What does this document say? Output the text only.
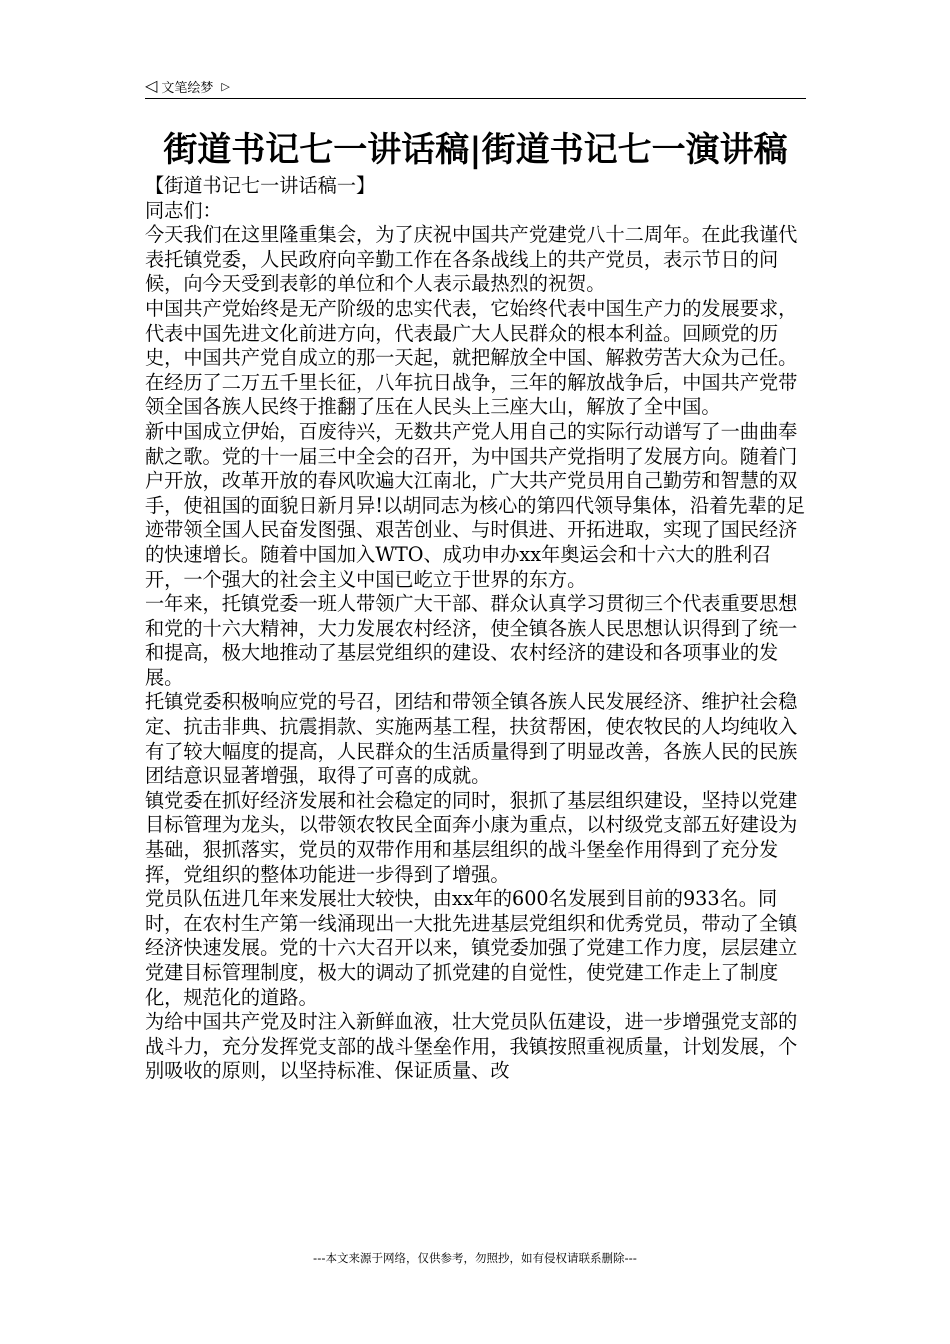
◁ 文笔绘梦 ▷
街道书记七一讲话稿|街道书记七一演讲稿

【街道书记七一讲话稿一】

同志们：

今天我们在这里隆重集会，为了庆祝中国共产党建党八十二周年。在此我谨代表托镇党委，人民政府向辛勤工作在各条战线上的共产党员，表示节日的问候，向今天受到表彰的单位和个人表示最热烈的祝贺。

中国共产党始终是无产阶级的忠实代表，它始终代表中国生产力的发展要求，代表中国先进文化前进方向，代表最广大人民群众的根本利益。回顾党的历史，中国共产党自成立的那一天起，就把解放全中国、解救劳苦大众为己任。在经历了二万五千里长征，八年抗日战争，三年的解放战争后，中国共产党带领全国各族人民终于推翻了压在人民头上三座大山，解放了全中国。

新中国成立伊始，百废待兴，无数共产党人用自己的实际行动谱写了一曲曲奉献之歌。党的十一届三中全会的召开，为中国共产党指明了发展方向。随着门户开放，改革开放的春风吹遍大江南北，广大共产党员用自己勤劳和智慧的双手，使祖国的面貌日新月异!以胡同志为核心的第四代领导集体，沿着先辈的足迹带领全国人民奋发图强、艰苦创业、与时俱进、开拓进取，实现了国民经济的快速增长。随着中国加入WTO、成功申办xx年奥运会和十六大的胜利召开，一个强大的社会主义中国已屹立于世界的东方。

一年来，托镇党委一班人带领广大干部、群众认真学习贯彻三个代表重要思想和党的十六大精神，大力发展农村经济，使全镇各族人民思想认识得到了统一和提高，极大地推动了基层党组织的建设、农村经济的建设和各项事业的发展。

托镇党委积极响应党的号召，团结和带领全镇各族人民发展经济、维护社会稳定、抗击非典、抗震捐款、实施两基工程，扶贫帮困，使农牧民的人均纯收入有了较大幅度的提高，人民群众的生活质量得到了明显改善，各族人民的民族团结意识显著增强，取得了可喜的成就。

镇党委在抓好经济发展和社会稳定的同时，狠抓了基层组织建设，坚持以党建目标管理为龙头，以带领农牧民全面奔小康为重点，以村级党支部五好建设为基础，狠抓落实，党员的双带作用和基层组织的战斗堡垒作用得到了充分发挥，党组织的整体功能进一步得到了增强。

党员队伍进几年来发展壮大较快，由xx年的600名发展到目前的933名。同时，在农村生产第一线涌现出一大批先进基层党组织和优秀党员，带动了全镇经济快速发展。党的十六大召开以来，镇党委加强了党建工作力度，层层建立党建目标管理制度，极大的调动了抓党建的自觉性，使党建工作走上了制度化，规范化的道路。

为给中国共产党及时注入新鲜血液，壮大党员队伍建设，进一步增强党支部的战斗力，充分发挥党支部的战斗堡垒作用，我镇按照重视质量，计划发展，个别吸收的原则，以坚持标准、保证质量、改

---本文来源于网络，仅供参考，勿照抄，如有侵权请联系删除---
